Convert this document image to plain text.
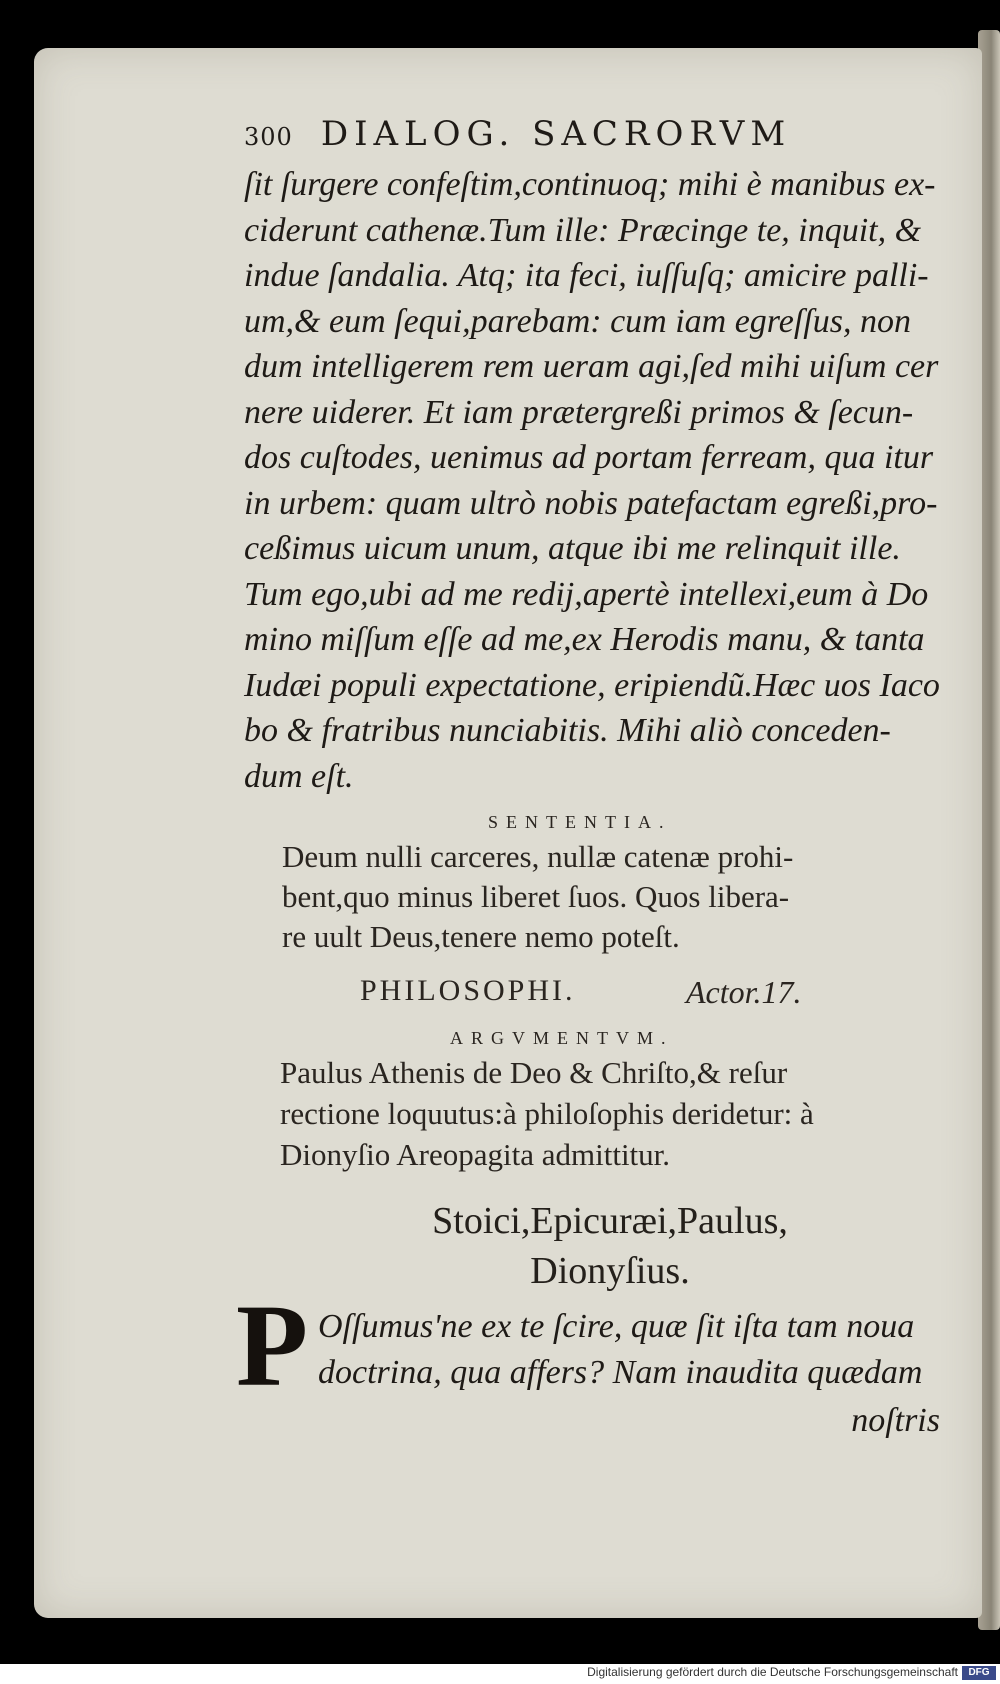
300 DIALOG. SACRORVM
ſit ſurgere confeſtim,continuoq; mihi è manibus ex-
ciderunt cathenæ.Tum ille: Præcinge te, inquit, &
indue ſandalia. Atq; ita feci, iuſſuſq; amicire palli-
um,& eum ſequi,parebam: cum iam egreſſus, non
dum intelligerem rem ueram agi,ſed mihi uiſum cer
nere uiderer. Et iam prætergreßi primos & ſecun-
dos cuſtodes, uenimus ad portam ferream, qua itur
in urbem: quam ultrò nobis patefactam egreßi,pro-
ceßimus uicum unum, atque ibi me relinquit ille.
Tum ego,ubi ad me redij,apertè intellexi,eum à Do
mino miſſum eſſe ad me,ex Herodis manu, & tanta
Iudæi populi expectatione, eripiendũ.Hæc uos Iaco
bo & fratribus nunciabitis. Mihi aliò conceden-
dum eſt.
SENTENTIA.
Deum nulli carceres, nullæ catenæ prohi-
bent,quo minus liberet ſuos. Quos libera-
re uult Deus,tenere nemo poteſt.
PHILOSOPHI.	Actor.17.
ARGVMENTVM.
Paulus Athenis de Deo & Chriſto,& reſur
rectione loquutus:à philoſophis deridetur: à
Dionyſio Areopagita admittitur.
Stoici,Epicuræi,Paulus,
Dionyſius.
P Oſſumus'ne ex te ſcire, quæ ſit iſta tam noua
doctrina, qua affers? Nam inaudita quædam
noſtris
Digitalisierung gefördert durch die Deutsche Forschungsgemeinschaft	DFG
